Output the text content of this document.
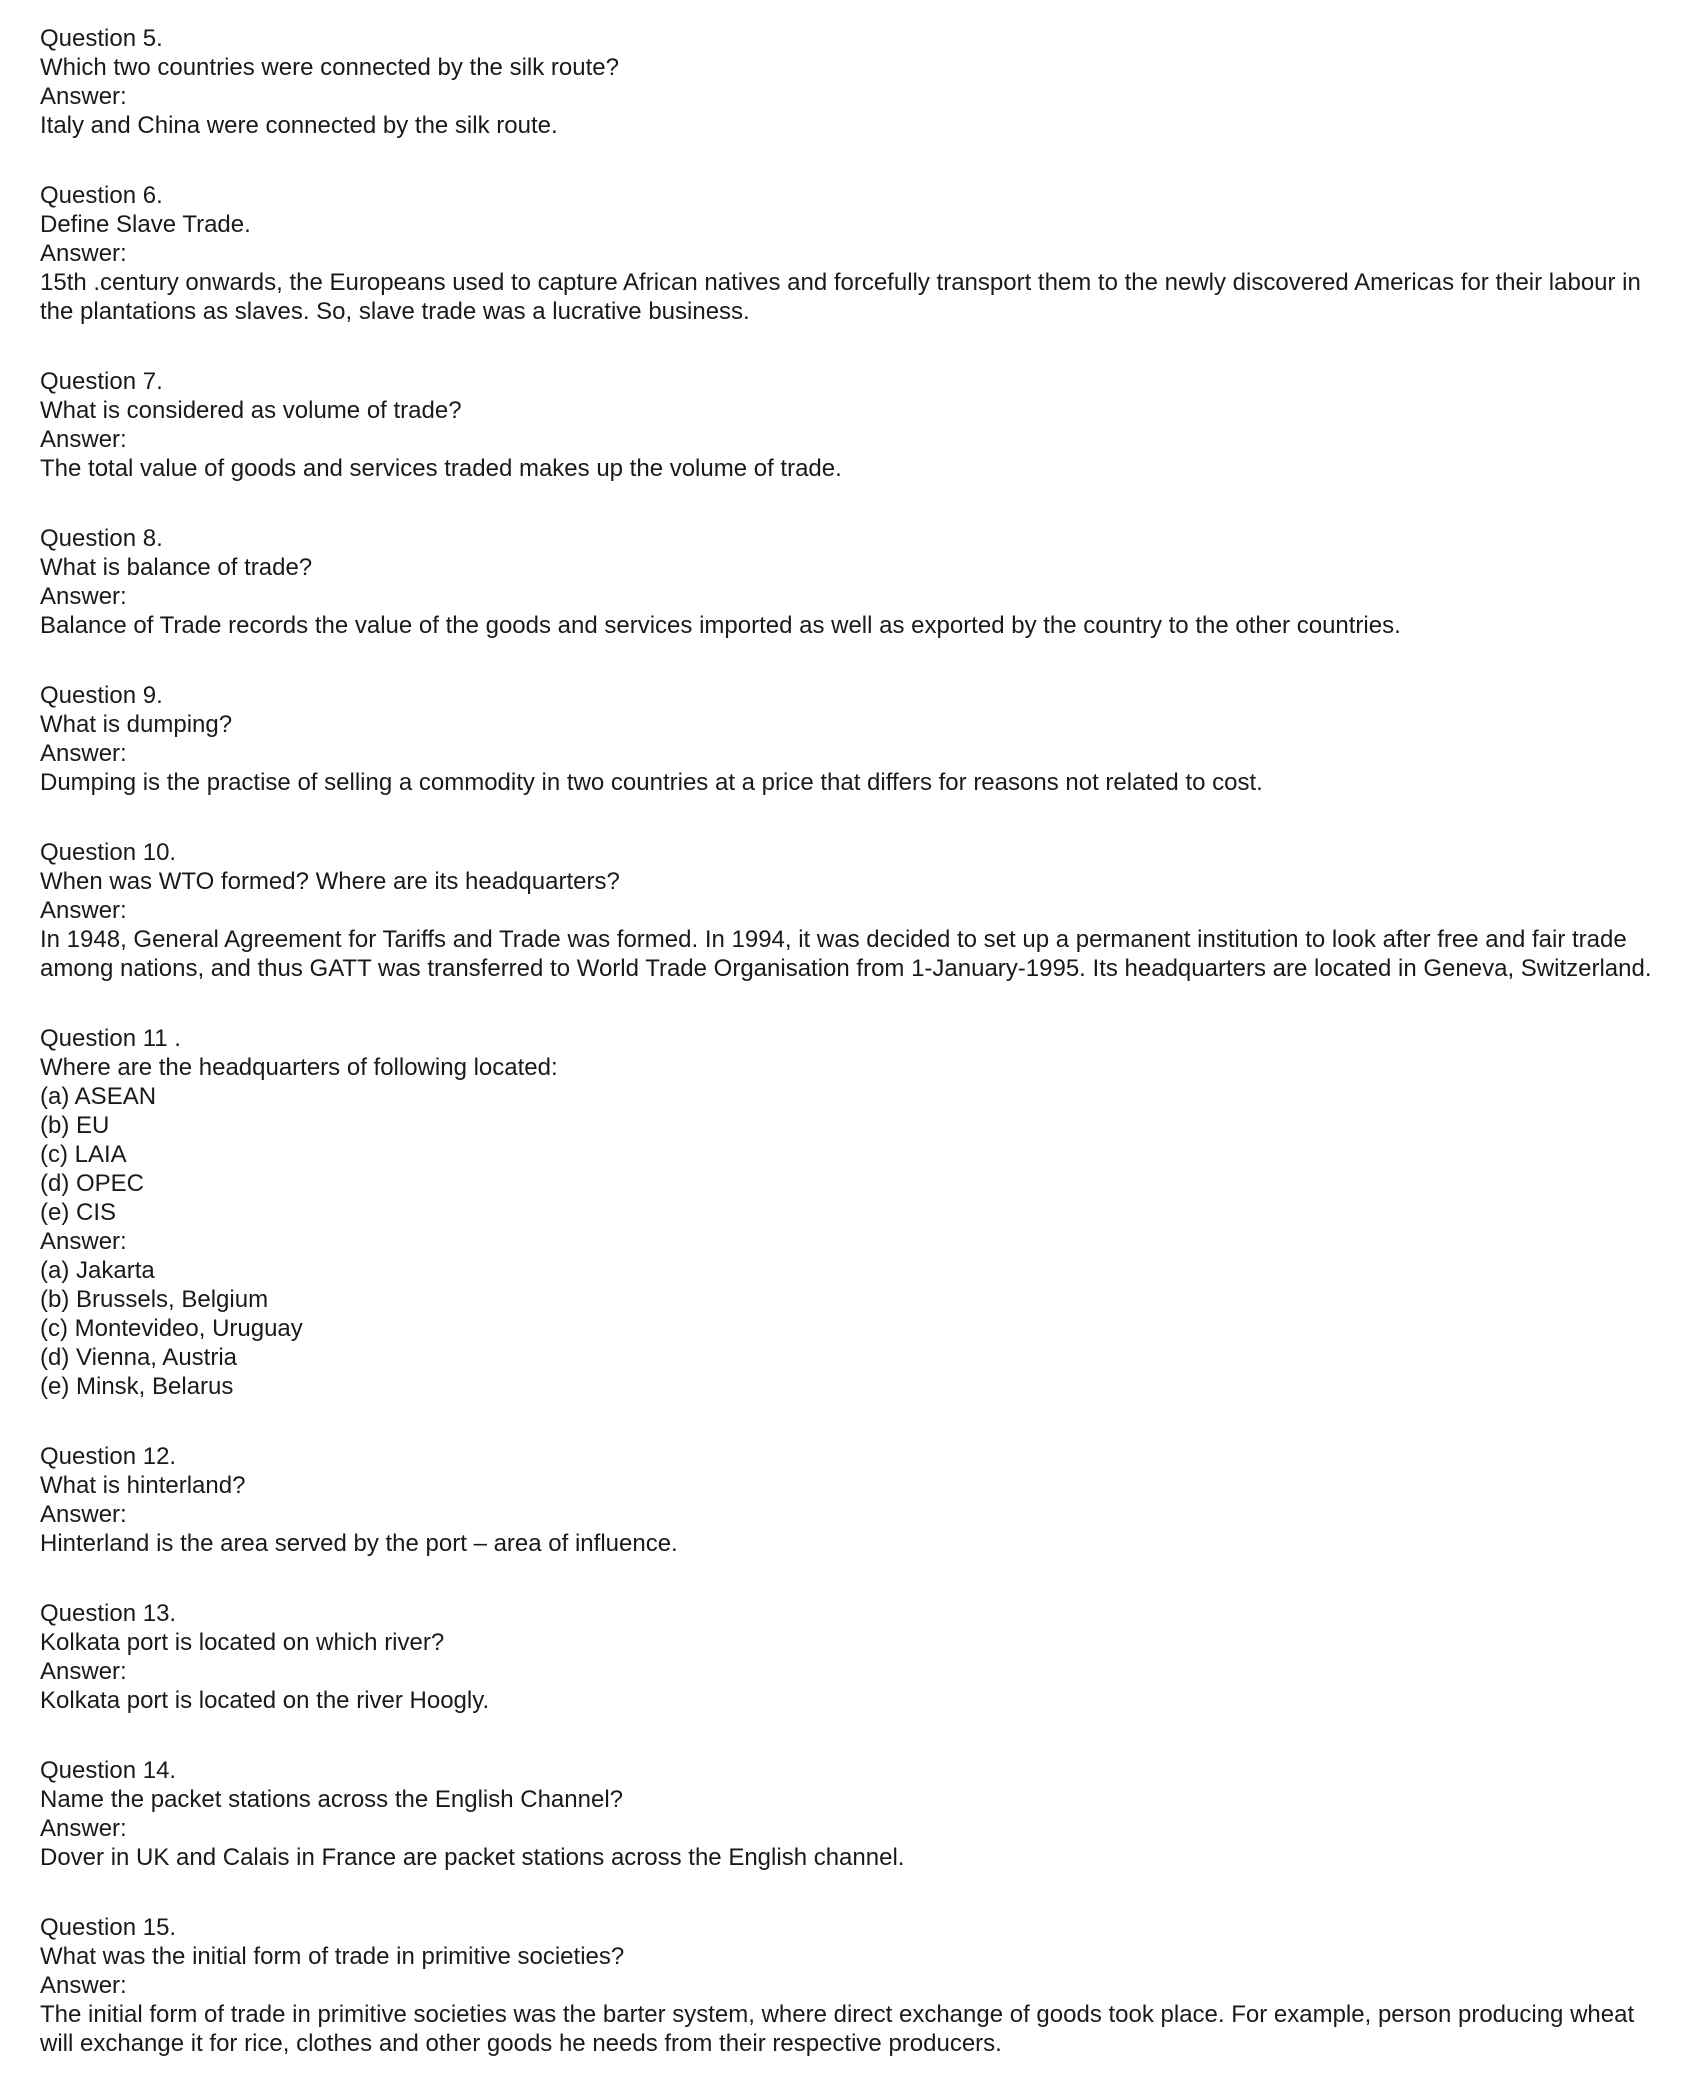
Question 5.
Which two countries were connected by the silk route?
Answer:
Italy and China were connected by the silk route.
Question 6.
Define Slave Trade.
Answer:
15th .century onwards, the Europeans used to capture African natives and forcefully transport them to the newly discovered Americas for their labour in the plantations as slaves. So, slave trade was a lucrative business.
Question 7.
What is considered as volume of trade?
Answer:
The total value of goods and services traded makes up the volume of trade.
Question 8.
What is balance of trade?
Answer:
Balance of Trade records the value of the goods and services imported as well as exported by the country to the other countries.
Question 9.
What is dumping?
Answer:
Dumping is the practise of selling a commodity in two countries at a price that differs for reasons not related to cost.
Question 10.
When was WTO formed? Where are its headquarters?
Answer:
In 1948, General Agreement for Tariffs and Trade was formed. In 1994, it was decided to set up a permanent institution to look after free and fair trade among nations, and thus GATT was transferred to World Trade Organisation from 1-January-1995. Its headquarters are located in Geneva, Switzerland.
Question 11 .
Where are the headquarters of following located:
(a) ASEAN
(b) EU
(c) LAIA
(d) OPEC
(e) CIS
Answer:
(a) Jakarta
(b) Brussels, Belgium
(c) Montevideo, Uruguay
(d) Vienna, Austria
(e) Minsk, Belarus
Question 12.
What is hinterland?
Answer:
Hinterland is the area served by the port – area of influence.
Question 13.
Kolkata port is located on which river?
Answer:
Kolkata port is located on the river Hoogly.
Question 14.
Name the packet stations across the English Channel?
Answer:
Dover in UK and Calais in France are packet stations across the English channel.
Question 15.
What was the initial form of trade in primitive societies?
Answer:
The initial form of trade in primitive societies was the barter system, where direct exchange of goods took place. For example, person producing wheat will exchange it for rice, clothes and other goods he needs from their respective producers.
